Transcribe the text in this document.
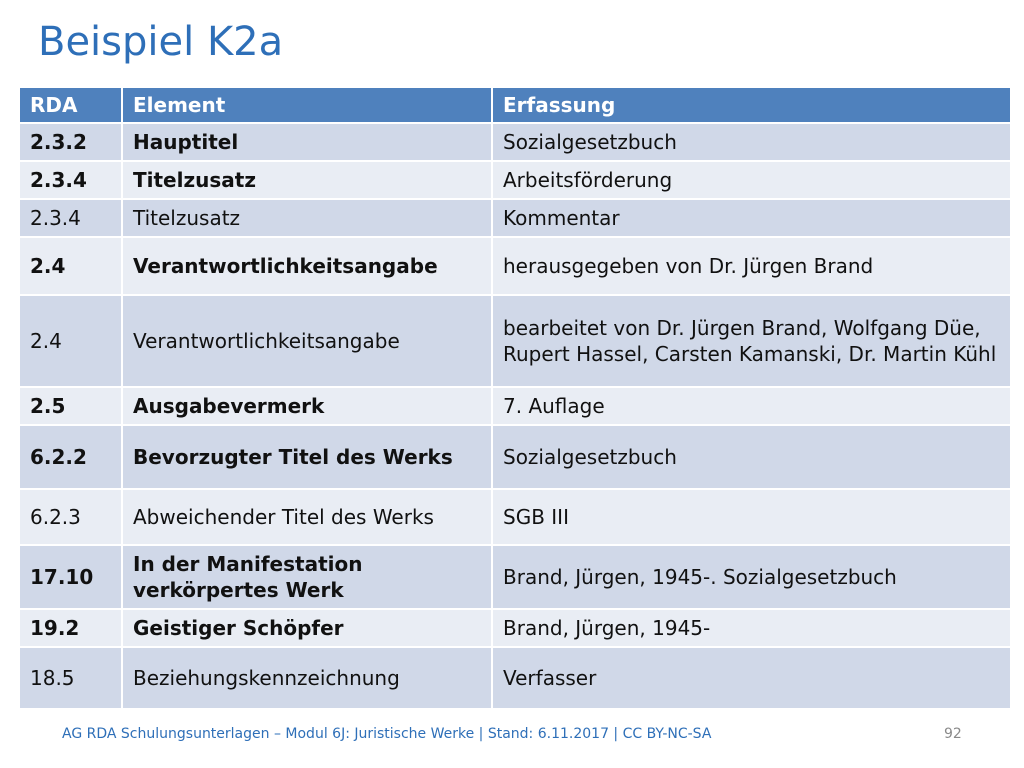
Beispiel K2a
RDA	Element	Erfassung
2.3.2	Hauptitel	Sozialgesetzbuch
2.3.4	Titelzusatz	Arbeitsförderung
2.3.4	Titelzusatz	Kommentar
2.4	Verantwortlichkeitsangabe	herausgegeben von Dr. Jürgen Brand
2.4	Verantwortlichkeitsangabe	bearbeitet von Dr. Jürgen Brand, Wolfgang Düe, Rupert Hassel, Carsten Kamanski, Dr. Martin Kühl
2.5	Ausgabevermerk	7. Auflage
6.2.2	Bevorzugter Titel des Werks	Sozialgesetzbuch
6.2.3	Abweichender Titel des Werks	SGB III
17.10	In der Manifestation verkörpertes Werk	Brand, Jürgen, 1945-. Sozialgesetzbuch
19.2	Geistiger Schöpfer	Brand, Jürgen, 1945-
18.5	Beziehungskennzeichnung	Verfasser
AG RDA Schulungsunterlagen – Modul 6J: Juristische Werke | Stand: 6.11.2017 | CC BY-NC-SA	92
